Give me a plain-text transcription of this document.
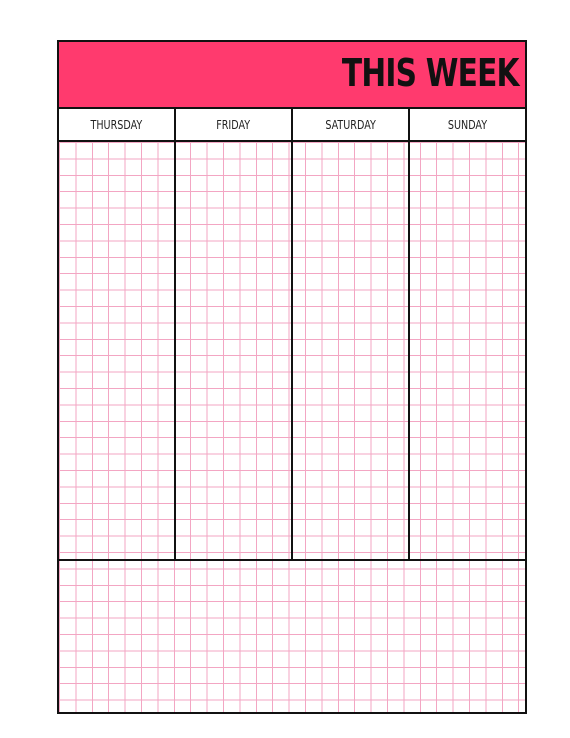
THIS WEEK
THURSDAY	FRIDAY	SATURDAY	SUNDAY
